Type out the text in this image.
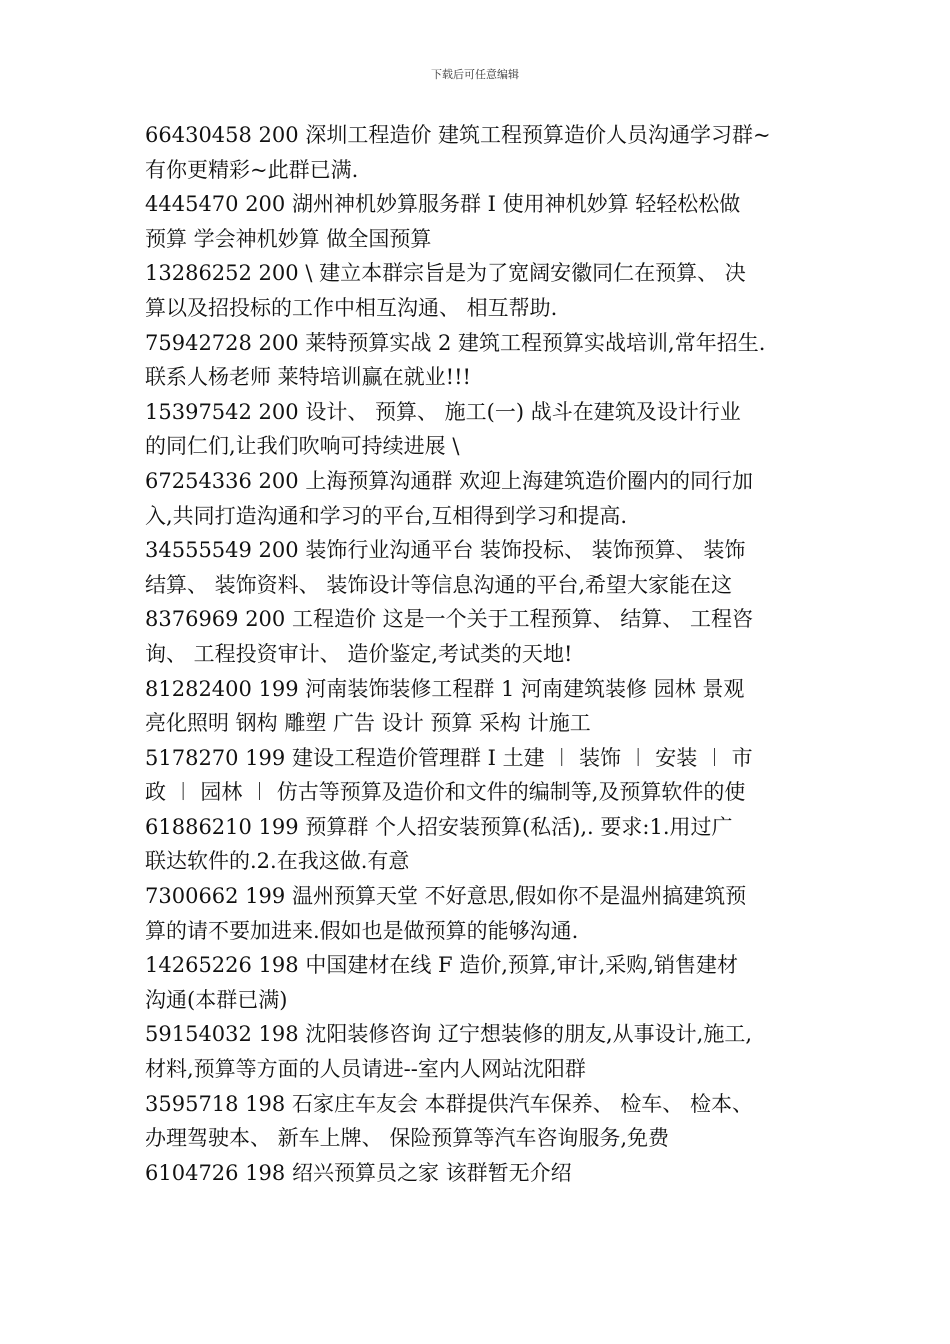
下载后可任意编辑
66430458 200 深圳工程造价 建筑工程预算造价人员沟通学习群~
有你更精彩~此群已满.
4445470 200 湖州神机妙算服务群 I 使用神机妙算 轻轻松松做
预算 学会神机妙算 做全国预算
13286252 200 \ 建立本群宗旨是为了宽阔安徽同仁在预算、 决
算以及招投标的工作中相互沟通、 相互帮助.
75942728 200 莱特预算实战 2 建筑工程预算实战培训,常年招生.
联系人杨老师 莱特培训赢在就业!!!
15397542 200 设计、 预算、 施工(一) 战斗在建筑及设计行业
的同仁们,让我们吹响可持续进展 \
67254336 200 上海预算沟通群 欢迎上海建筑造价圈内的同行加
入,共同打造沟通和学习的平台,互相得到学习和提高.
34555549 200 装饰行业沟通平台 装饰投标、 装饰预算、 装饰
结算、 装饰资料、 装饰设计等信息沟通的平台,希望大家能在这
8376969 200 工程造价 这是一个关于工程预算、 结算、 工程咨
询、 工程投资审计、 造价鉴定,考试类的天地!
81282400 199 河南装饰装修工程群 1 河南建筑装修 园林 景观
亮化照明 钢构 雕塑 广告 设计 预算 采构 计施工
5178270 199 建设工程造价管理群 I 土建 ︱ 装饰 ︱ 安装 ︱ 市
政 ︱ 园林 ︱ 仿古等预算及造价和文件的编制等,及预算软件的使
61886210 199 预算群 个人招安装预算(私活),. 要求:1.用过广
联达软件的.2.在我这做.有意
7300662 199 温州预算天堂 不好意思,假如你不是温州搞建筑预
算的请不要加进来.假如也是做预算的能够沟通.
14265226 198 中国建材在线 F 造价,预算,审计,采购,销售建材
沟通(本群已满)
59154032 198 沈阳装修咨询 辽宁想装修的朋友,从事设计,施工,
材料,预算等方面的人员请进--室内人网站沈阳群
3595718 198 石家庄车友会 本群提供汽车保养、 检车、 检本、
办理驾驶本、 新车上牌、 保险预算等汽车咨询服务,免费
6104726 198 绍兴预算员之家 该群暂无介绍
